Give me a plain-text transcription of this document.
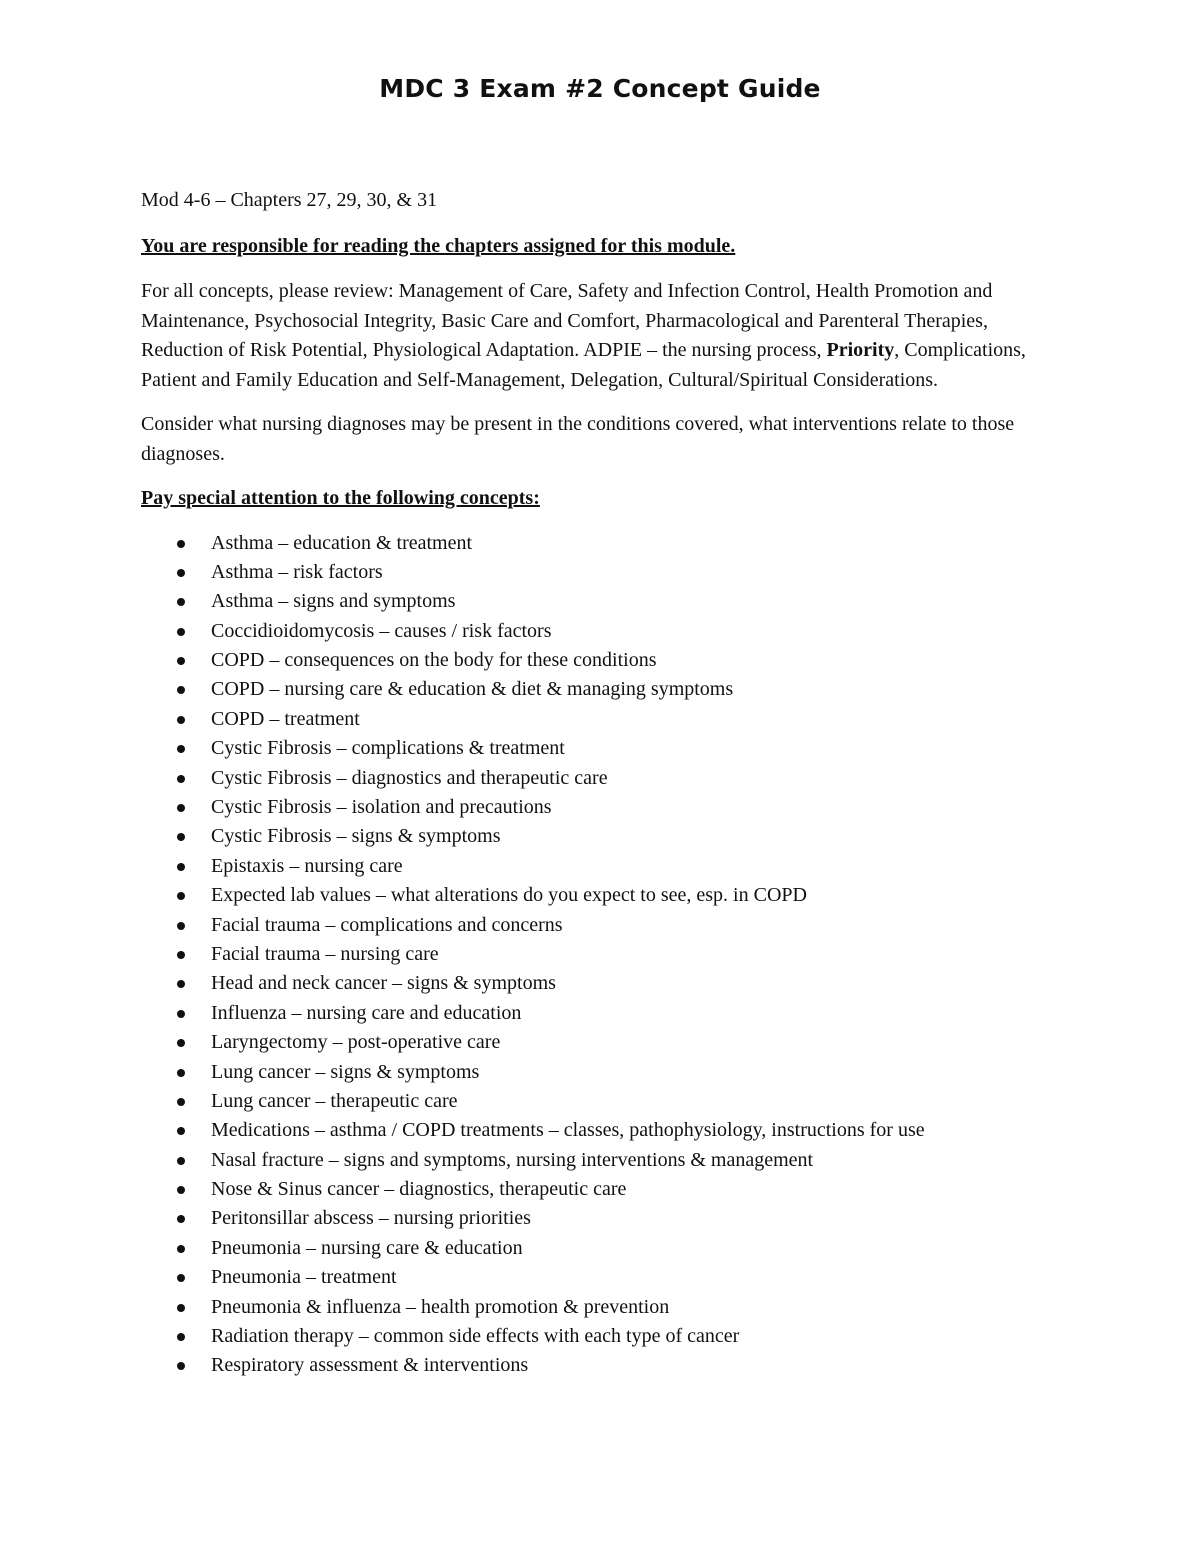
MDC 3 Exam #2 Concept Guide

Mod 4-6 – Chapters 27, 29, 30, & 31

You are responsible for reading the chapters assigned for this module.

For all concepts, please review: Management of Care, Safety and Infection Control, Health Promotion and Maintenance, Psychosocial Integrity, Basic Care and Comfort, Pharmacological and Parenteral Therapies, Reduction of Risk Potential, Physiological Adaptation. ADPIE – the nursing process, Priority, Complications, Patient and Family Education and Self-Management, Delegation, Cultural/Spiritual Considerations.

Consider what nursing diagnoses may be present in the conditions covered, what interventions relate to those diagnoses.

Pay special attention to the following concepts:

Asthma – education & treatment
Asthma – risk factors
Asthma – signs and symptoms
Coccidioidomycosis – causes / risk factors
COPD – consequences on the body for these conditions
COPD – nursing care & education & diet & managing symptoms
COPD – treatment
Cystic Fibrosis – complications & treatment
Cystic Fibrosis – diagnostics and therapeutic care
Cystic Fibrosis – isolation and precautions
Cystic Fibrosis – signs & symptoms
Epistaxis – nursing care
Expected lab values – what alterations do you expect to see, esp. in COPD
Facial trauma – complications and concerns
Facial trauma – nursing care
Head and neck cancer – signs & symptoms
Influenza – nursing care and education
Laryngectomy – post-operative care
Lung cancer – signs & symptoms
Lung cancer – therapeutic care
Medications – asthma / COPD treatments – classes, pathophysiology, instructions for use
Nasal fracture – signs and symptoms, nursing interventions & management
Nose & Sinus cancer – diagnostics, therapeutic care
Peritonsillar abscess – nursing priorities
Pneumonia – nursing care & education
Pneumonia – treatment
Pneumonia & influenza – health promotion & prevention
Radiation therapy – common side effects with each type of cancer
Respiratory assessment & interventions
